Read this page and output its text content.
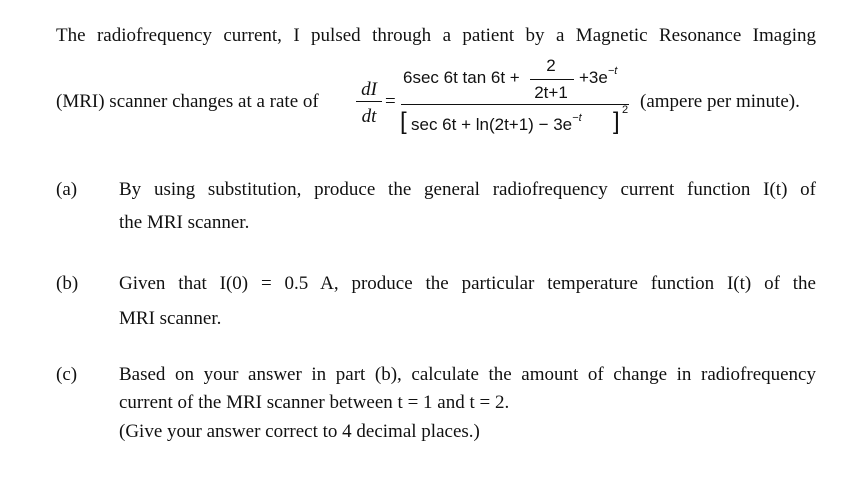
The radiofrequency current, I pulsed through a patient by a Magnetic Resonance Imaging
(MRI) scanner changes at a rate of
dI
dt
=
6sec 6t tan 6t +
2
2t+1
$+3e^{-t}$
[ $\sec 6t + \ln(2t+1) - 3e^{-t}$ ] 2 (ampere per minute).
(a) By using substitution, produce the general radiofrequency current function I(t) of
the MRI scanner.
(b) Given that I(0) = 0.5 A, produce the particular temperature function I(t) of the
MRI scanner.
(c) Based on your answer in part (b), calculate the amount of change in radiofrequency
current of the MRI scanner between t = 1 and t = 2.
(Give your answer correct to 4 decimal places.)
